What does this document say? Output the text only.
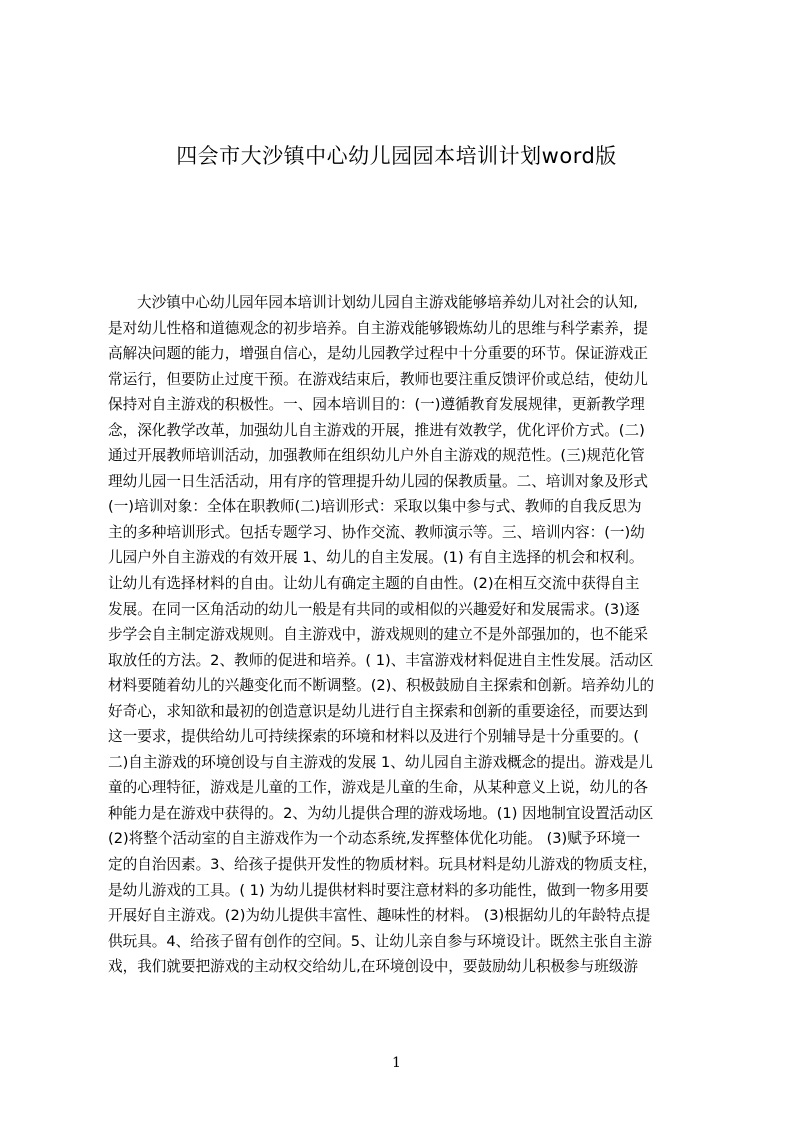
四会市大沙镇中心幼儿园园本培训计划word版
大沙镇中心幼儿园年园本培训计划幼儿园自主游戏能够培养幼儿对社会的认知,
是对幼儿性格和道德观念的初步培养。自主游戏能够锻炼幼儿的思维与科学素养，提
高解决问题的能力，增强自信心，是幼儿园教学过程中十分重要的环节。保证游戏正
常运行，但要防止过度干预。在游戏结束后，教师也要注重反馈评价或总结，使幼儿
保持对自主游戏的积极性。一、园本培训目的：(一)遵循教育发展规律，更新教学理
念，深化教学改革，加强幼儿自主游戏的开展，推进有效教学，优化评价方式。(二)
通过开展教师培训活动，加强教师在组织幼儿户外自主游戏的规范性。(三)规范化管
理幼儿园一日生活活动，用有序的管理提升幼儿园的保教质量。二、培训对象及形式
(一)培训对象：全体在职教师(二)培训形式：采取以集中参与式、教师的自我反思为
主的多种培训形式。包括专题学习、协作交流、教师演示等。三、培训内容：(一)幼
儿园户外自主游戏的有效开展 1、幼儿的自主发展。(1) 有自主选择的机会和权利。
让幼儿有选择材料的自由。让幼儿有确定主题的自由性。(2)在相互交流中获得自主
发展。在同一区角活动的幼儿一般是有共同的或相似的兴趣爱好和发展需求。(3)逐
步学会自主制定游戏规则。自主游戏中，游戏规则的建立不是外部强加的，也不能采
取放任的方法。2、教师的促进和培养。( 1)、丰富游戏材料促进自主性发展。活动区
材料要随着幼儿的兴趣变化而不断调整。(2)、积极鼓励自主探索和创新。培养幼儿的
好奇心，求知欲和最初的创造意识是幼儿进行自主探索和创新的重要途径，而要达到
这一要求，提供给幼儿可持续探索的环境和材料以及进行个别辅导是十分重要的。(
二)自主游戏的环境创设与自主游戏的发展 1、幼儿园自主游戏概念的提出。游戏是儿
童的心理特征，游戏是儿童的工作，游戏是儿童的生命，从某种意义上说，幼儿的各
种能力是在游戏中获得的。2、为幼儿提供合理的游戏场地。(1) 因地制宜设置活动区
(2)将整个活动室的自主游戏作为一个动态系统,发挥整体优化功能。 (3)赋予环境一
定的自治因素。3、给孩子提供开发性的物质材料。玩具材料是幼儿游戏的物质支柱，
是幼儿游戏的工具。( 1) 为幼儿提供材料时要注意材料的多功能性，做到一物多用要
开展好自主游戏。(2)为幼儿提供丰富性、趣味性的材料。 (3)根据幼儿的年龄特点提
供玩具。4、给孩子留有创作的空间。5、让幼儿亲自参与环境设计。既然主张自主游
戏，我们就要把游戏的主动权交给幼儿,在环境创设中，要鼓励幼儿积极参与班级游
1
